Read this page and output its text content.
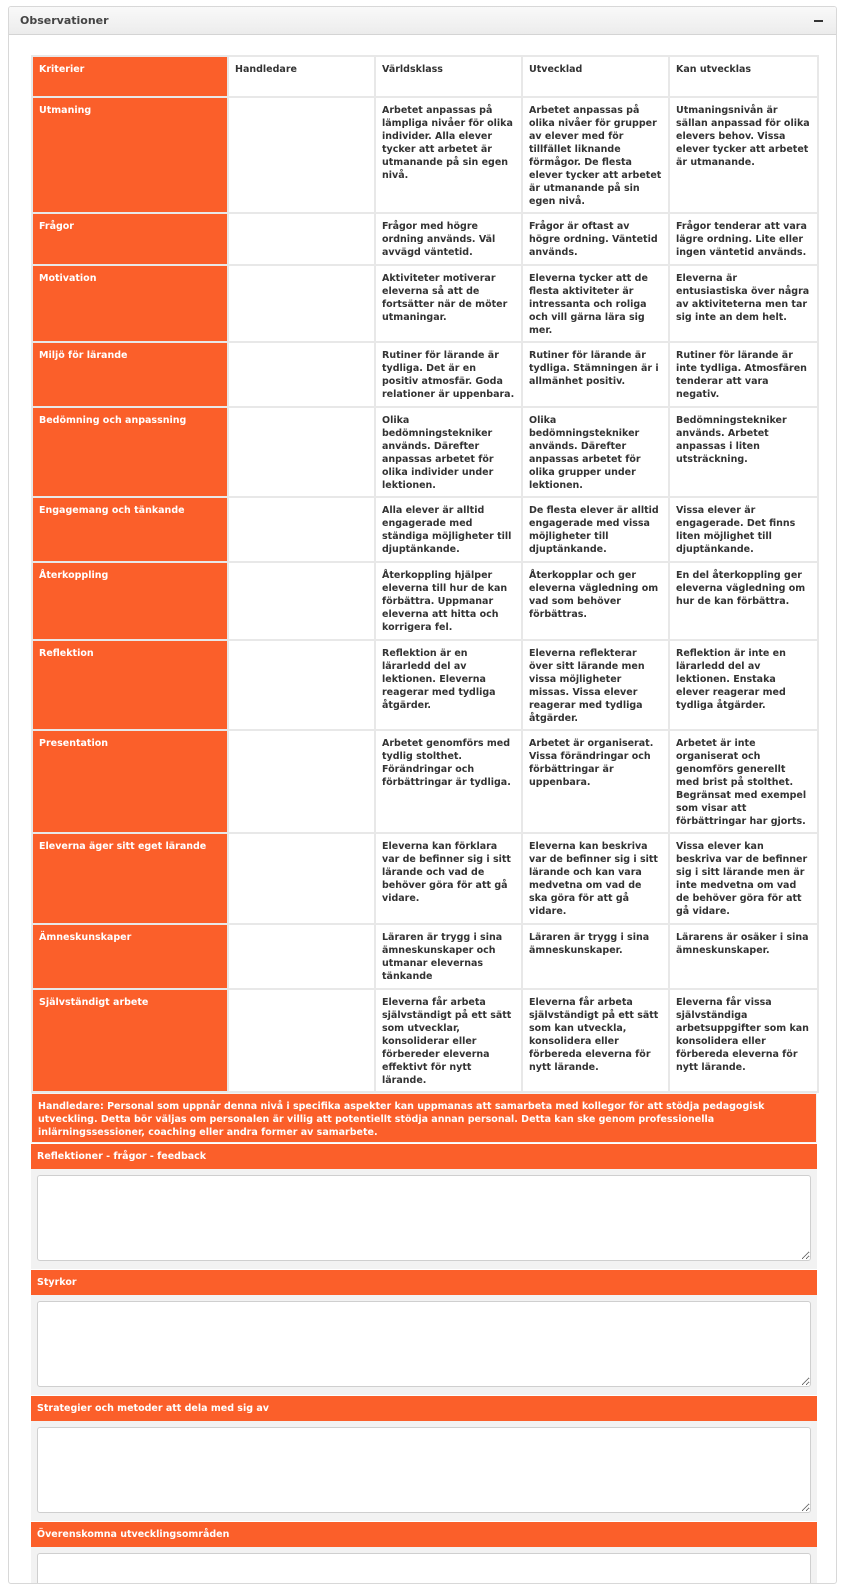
Observationer
Kriterier	Handledare	Världsklass	Utvecklad	Kan utvecklas
Utmaning		Arbetet anpassas på lämpliga nivåer för olika individer. Alla elever tycker att arbetet är utmanande på sin egen nivå.	Arbetet anpassas på olika nivåer för grupper av elever med för tillfället liknande förmågor. De flesta elever tycker att arbetet är utmanande på sin egen nivå.	Utmaningsnivån är sällan anpassad för olika elevers behov. Vissa elever tycker att arbetet är utmanande.
Frågor		Frågor med högre ordning används. Väl avvägd väntetid.	Frågor är oftast av högre ordning. Väntetid används.	Frågor tenderar att vara lägre ordning. Lite eller ingen väntetid används.
Motivation		Aktiviteter motiverar eleverna så att de fortsätter när de möter utmaningar.	Eleverna tycker att de flesta aktiviteter är intressanta och roliga och vill gärna lära sig mer.	Eleverna är entusiastiska över några av aktiviteterna men tar sig inte an dem helt.
Miljö för lärande		Rutiner för lärande är tydliga. Det är en positiv atmosfär. Goda relationer är uppenbara.	Rutiner för lärande är tydliga. Stämningen är i allmänhet positiv.	Rutiner för lärande är inte tydliga. Atmosfären tenderar att vara negativ.
Bedömning och anpassning		Olika bedömningstekniker används. Därefter anpassas arbetet för olika individer under lektionen.	Olika bedömningstekniker används. Därefter anpassas arbetet för olika grupper under lektionen.	Bedömningstekniker används. Arbetet anpassas i liten utsträckning.
Engagemang och tänkande		Alla elever är alltid engagerade med ständiga möjligheter till djuptänkande.	De flesta elever är alltid engagerade med vissa möjligheter till djuptänkande.	Vissa elever är engagerade. Det finns liten möjlighet till djuptänkande.
Återkoppling		Återkoppling hjälper eleverna till hur de kan förbättra. Uppmanar eleverna att hitta och korrigera fel.	Återkopplar och ger eleverna vägledning om vad som behöver förbättras.	En del återkoppling ger eleverna vägledning om hur de kan förbättra.
Reflektion		Reflektion är en lärarledd del av lektionen. Eleverna reagerar med tydliga åtgärder.	Eleverna reflekterar över sitt lärande men vissa möjligheter missas. Vissa elever reagerar med tydliga åtgärder.	Reflektion är inte en lärarledd del av lektionen. Enstaka elever reagerar med tydliga åtgärder.
Presentation		Arbetet genomförs med tydlig stolthet. Förändringar och förbättringar är tydliga.	Arbetet är organiserat. Vissa förändringar och förbättringar är uppenbara.	Arbetet är inte organiserat och genomförs generellt med brist på stolthet. Begränsat med exempel som visar att förbättringar har gjorts.
Eleverna äger sitt eget lärande		Eleverna kan förklara var de befinner sig i sitt lärande och vad de behöver göra för att gå vidare.	Eleverna kan beskriva var de befinner sig i sitt lärande och kan vara medvetna om vad de ska göra för att gå vidare.	Vissa elever kan beskriva var de befinner sig i sitt lärande men är inte medvetna om vad de behöver göra för att gå vidare.
Ämneskunskaper		Läraren är trygg i sina ämneskunskaper och utmanar elevernas tänkande	Läraren är trygg i sina ämneskunskaper.	Lärarens är osäker i sina ämneskunskaper.
Självständigt arbete		Eleverna får arbeta självständigt på ett sätt som utvecklar, konsoliderar eller förbereder eleverna effektivt för nytt lärande.	Eleverna får arbeta självständigt på ett sätt som kan utveckla, konsolidera eller förbereda eleverna för nytt lärande.	Eleverna får vissa självständiga arbetsuppgifter som kan konsolidera eller förbereda eleverna för nytt lärande.
Handledare: Personal som uppnår denna nivå i specifika aspekter kan uppmanas att samarbeta med kollegor för att stödja pedagogisk utveckling. Detta bör väljas om personalen är villig att potentiellt stödja annan personal. Detta kan ske genom professionella inlärningssessioner, coaching eller andra former av samarbete.
Reflektioner - frågor - feedback
Styrkor
Strategier och metoder att dela med sig av
Överenskomna utvecklingsområden
